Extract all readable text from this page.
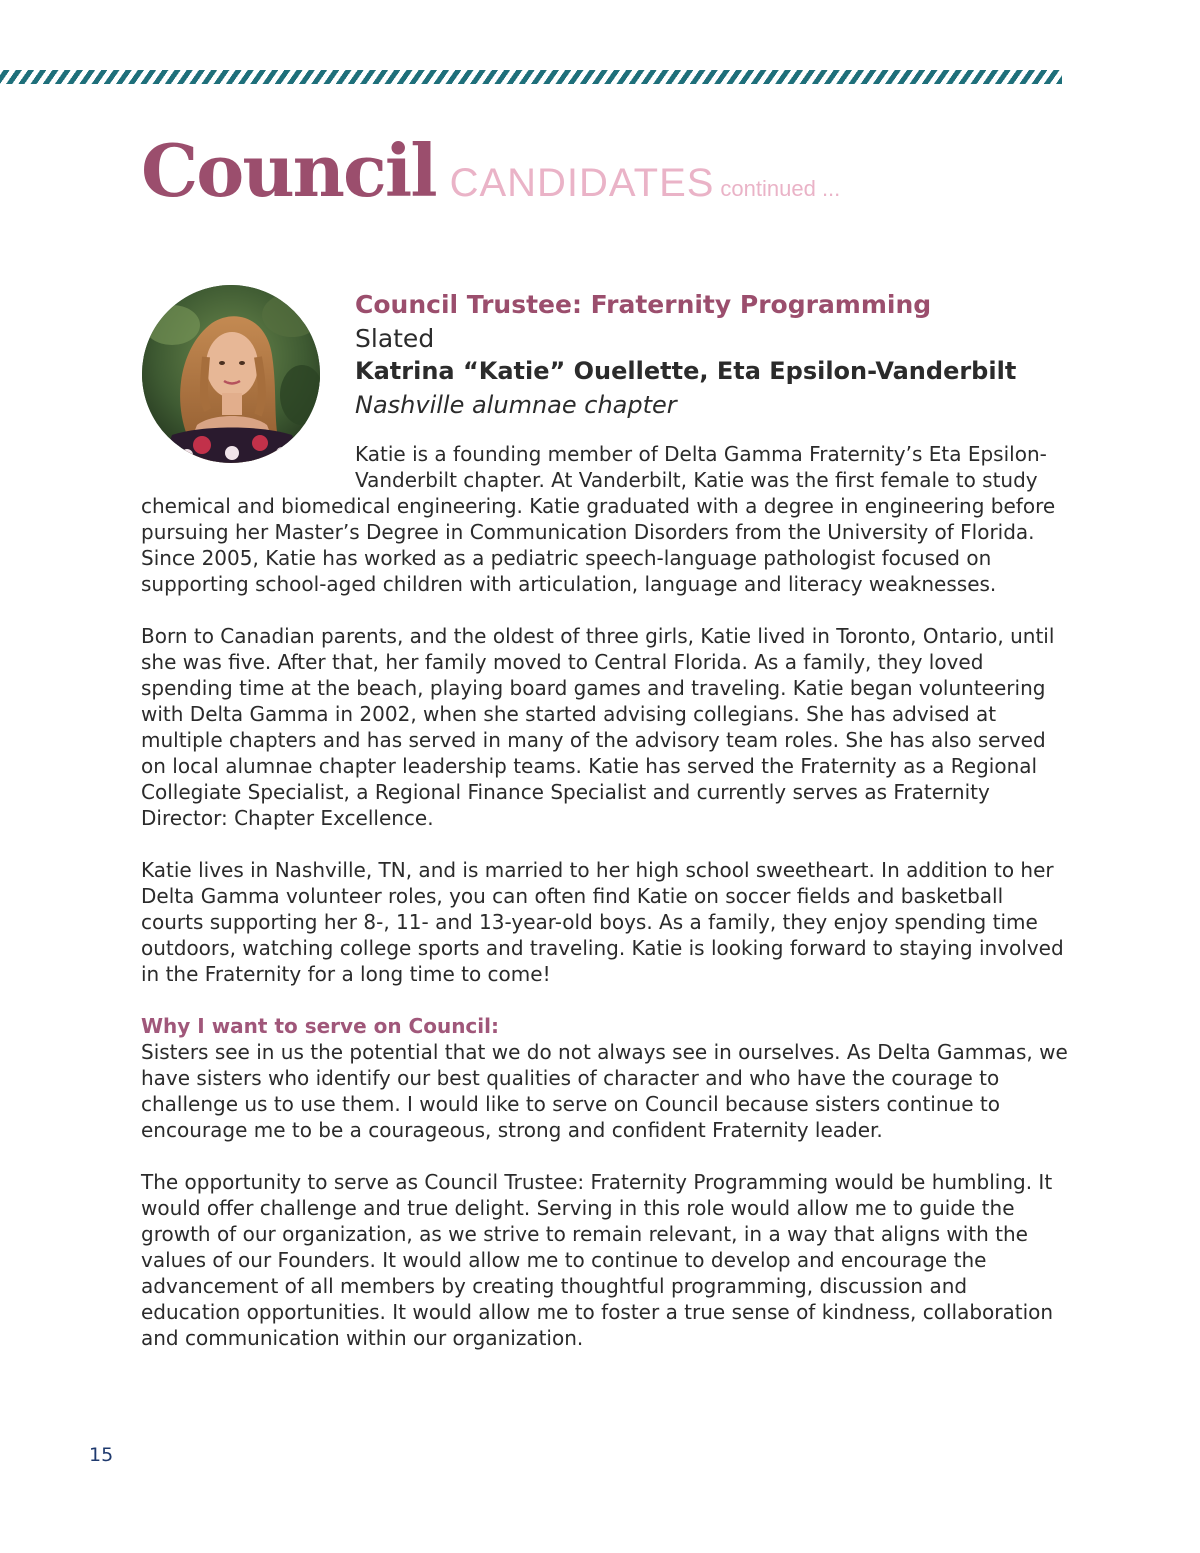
Council CANDIDATES continued ...
Council Trustee: Fraternity Programming
Slated
Katrina “Katie” Ouellette, Eta Epsilon-Vanderbilt
Nashville alumnae chapter

Katie is a founding member of Delta Gamma Fraternity’s Eta Epsilon-Vanderbilt chapter. At Vanderbilt, Katie was the first female to study chemical and biomedical engineering. Katie graduated with a degree in engineering before pursuing her Master’s Degree in Communication Disorders from the University of Florida. Since 2005, Katie has worked as a pediatric speech-language pathologist focused on supporting school-aged children with articulation, language and literacy weaknesses.

Born to Canadian parents, and the oldest of three girls, Katie lived in Toronto, Ontario, until she was five. After that, her family moved to Central Florida. As a family, they loved spending time at the beach, playing board games and traveling. Katie began volunteering with Delta Gamma in 2002, when she started advising collegians. She has advised at multiple chapters and has served in many of the advisory team roles. She has also served on local alumnae chapter leadership teams. Katie has served the Fraternity as a Regional Collegiate Specialist, a Regional Finance Specialist and currently serves as Fraternity Director: Chapter Excellence.

Katie lives in Nashville, TN, and is married to her high school sweetheart. In addition to her Delta Gamma volunteer roles, you can often find Katie on soccer fields and basketball courts supporting her 8-, 11- and 13-year-old boys. As a family, they enjoy spending time outdoors, watching college sports and traveling. Katie is looking forward to staying involved in the Fraternity for a long time to come!

Why I want to serve on Council:

Sisters see in us the potential that we do not always see in ourselves. As Delta Gammas, we have sisters who identify our best qualities of character and who have the courage to challenge us to use them. I would like to serve on Council because sisters continue to encourage me to be a courageous, strong and confident Fraternity leader.

The opportunity to serve as Council Trustee: Fraternity Programming would be humbling. It would offer challenge and true delight. Serving in this role would allow me to guide the growth of our organization, as we strive to remain relevant, in a way that aligns with the values of our Founders. It would allow me to continue to develop and encourage the advancement of all members by creating thoughtful programming, discussion and education opportunities. It would allow me to foster a true sense of kindness, collaboration and communication within our organization.

15
